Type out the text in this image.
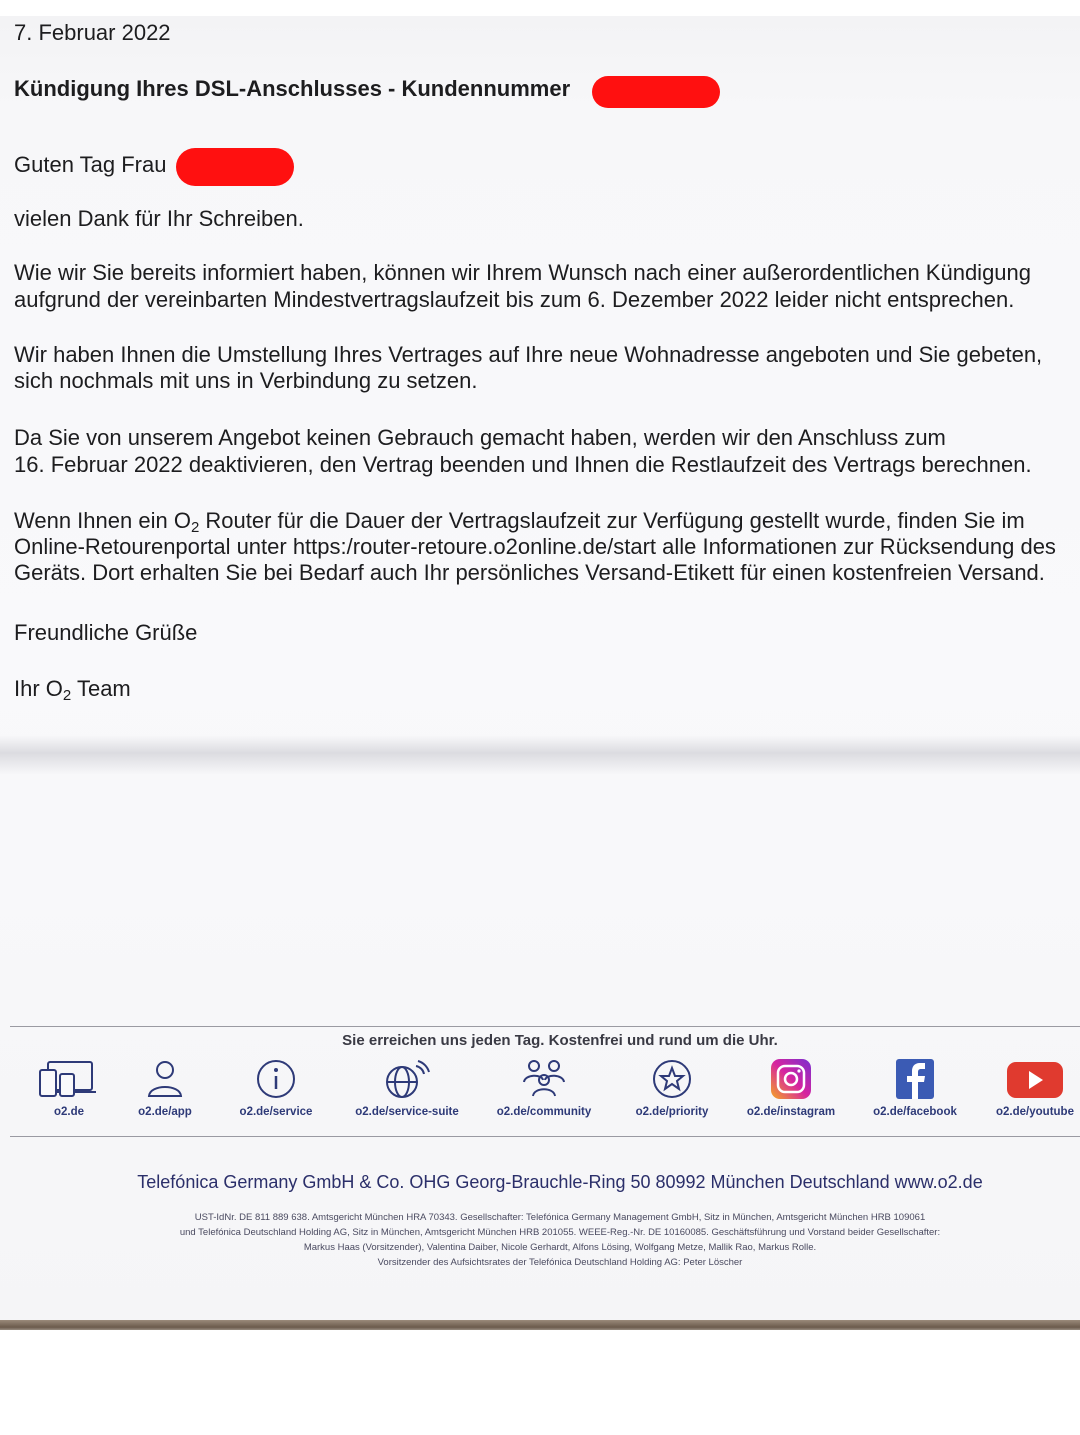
7. Februar 2022
Kündigung Ihres DSL-Anschlusses - Kundennummer
Guten Tag Frau
vielen Dank für Ihr Schreiben.
Wie wir Sie bereits informiert haben, können wir Ihrem Wunsch nach einer außerordentlichen Kündigung
aufgrund der vereinbarten Mindestvertragslaufzeit bis zum 6. Dezember 2022 leider nicht entsprechen.
Wir haben Ihnen die Umstellung Ihres Vertrages auf Ihre neue Wohnadresse angeboten und Sie gebeten,
sich nochmals mit uns in Verbindung zu setzen.
Da Sie von unserem Angebot keinen Gebrauch gemacht haben, werden wir den Anschluss zum
16. Februar 2022 deaktivieren, den Vertrag beenden und Ihnen die Restlaufzeit des Vertrags berechnen.
Wenn Ihnen ein O2 Router für die Dauer der Vertragslaufzeit zur Verfügung gestellt wurde, finden Sie im
Online-Retourenportal unter https:/router-retoure.o2online.de/start alle Informationen zur Rücksendung des
Geräts. Dort erhalten Sie bei Bedarf auch Ihr persönliches Versand-Etikett für einen kostenfreien Versand.
Freundliche Grüße
Ihr O2 Team
Sie erreichen uns jeden Tag. Kostenfrei und rund um die Uhr.
o2.de	o2.de/app	o2.de/service	o2.de/service-suite	o2.de/community	o2.de/priority	o2.de/instagram	o2.de/facebook	o2.de/youtube
Telefónica Germany GmbH & Co. OHG Georg-Brauchle-Ring 50 80992 München Deutschland www.o2.de
UST-IdNr. DE 811 889 638. Amtsgericht München HRA 70343. Gesellschafter: Telefónica Germany Management GmbH, Sitz in München, Amtsgericht München HRB 109061
und Telefónica Deutschland Holding AG, Sitz in München, Amtsgericht München HRB 201055. WEEE-Reg.-Nr. DE 10160085. Geschäftsführung und Vorstand beider Gesellschafter:
Markus Haas (Vorsitzender), Valentina Daiber, Nicole Gerhardt, Alfons Lösing, Wolfgang Metze, Mallik Rao, Markus Rolle.
Vorsitzender des Aufsichtsrates der Telefónica Deutschland Holding AG: Peter Löscher
